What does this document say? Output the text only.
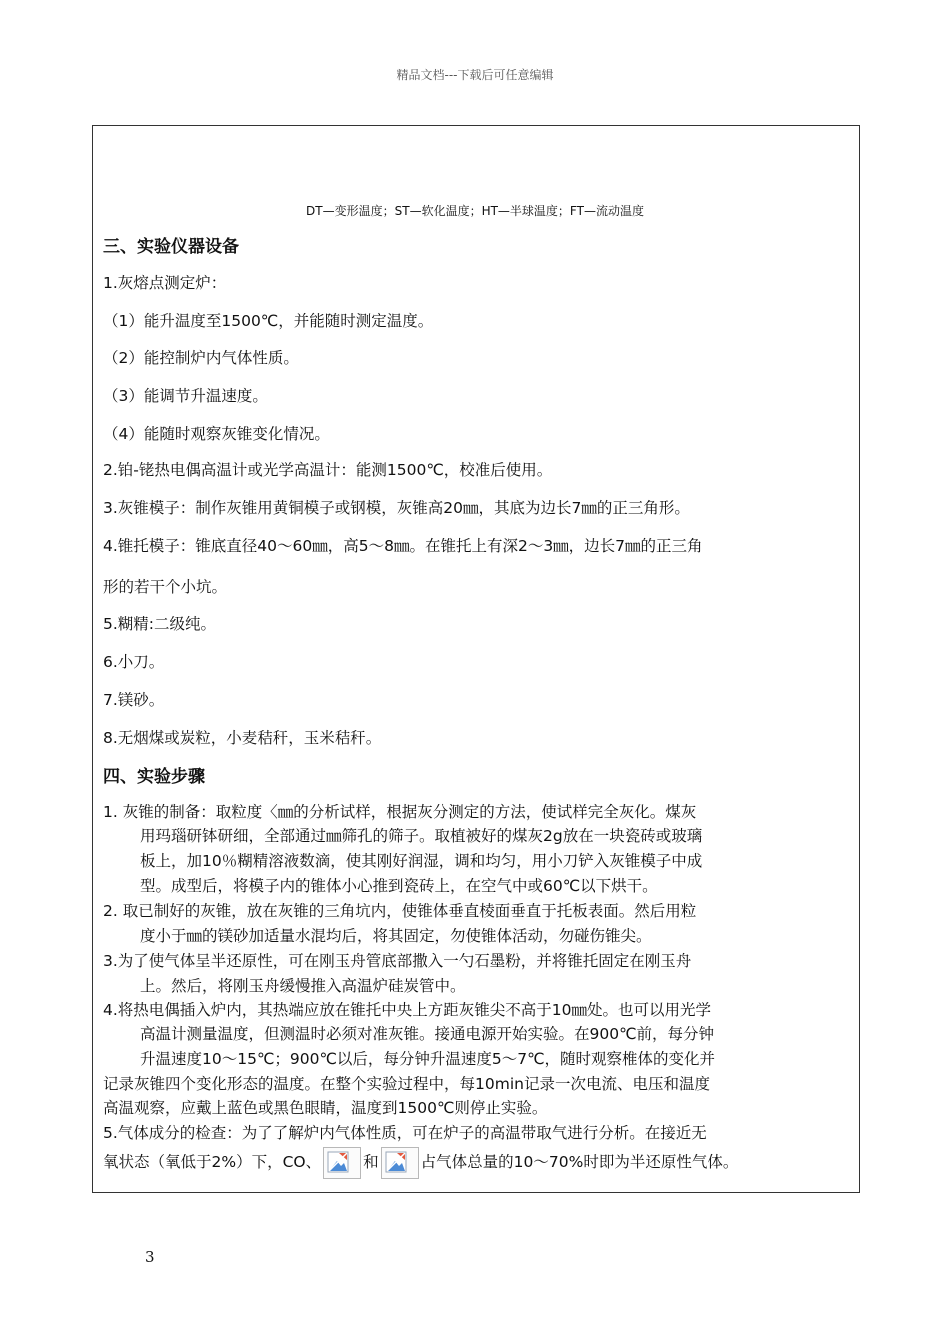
精品文档---下载后可任意编辑
DT—变形温度；ST—软化温度；HT—半球温度；FT—流动温度
三、实验仪器设备
1.灰熔点测定炉：
（1）能升温度至1500℃，并能随时测定温度。
（2）能控制炉内气体性质。
（3）能调节升温速度。
（4）能随时观察灰锥变化情况。
2.铂-铑热电偶高温计或光学高温计：能测1500℃，校准后使用。
3.灰锥模子：制作灰锥用黄铜模子或钢模，灰锥高20㎜，其底为边长7㎜的正三角形。
4.锥托模子：锥底直径40～60㎜，高5～8㎜。在锥托上有深2～3㎜，边长7㎜的正三角
形的若干个小坑。
5.糊精:二级纯。
6.小刀。
7.镁砂。
8.无烟煤或炭粒，小麦秸秆，玉米秸秆。
四、实验步骤
1. 灰锥的制备：取粒度〈㎜的分析试样，根据灰分测定的方法，使试样完全灰化。煤灰
用玛瑙研钵研细，全部通过㎜筛孔的筛子。取植被好的煤灰2g放在一块瓷砖或玻璃
板上，加10％糊精溶液数滴，使其刚好润湿，调和均匀，用小刀铲入灰锥模子中成
型。成型后，将模子内的锥体小心推到瓷砖上，在空气中或60℃以下烘干。
2. 取已制好的灰锥，放在灰锥的三角坑内，使锥体垂直棱面垂直于托板表面。然后用粒
度小于㎜的镁砂加适量水混均后，将其固定，勿使锥体活动，勿碰伤锥尖。
3.为了使气体呈半还原性，可在刚玉舟管底部撒入一勺石墨粉，并将锥托固定在刚玉舟
上。然后，将刚玉舟缓慢推入高温炉硅炭管中。
4.将热电偶插入炉内，其热端应放在锥托中央上方距灰锥尖不高于10㎜处。也可以用光学
高温计测量温度，但测温时必须对准灰锥。接通电源开始实验。在900℃前，每分钟
升温速度10～15℃；900℃以后，每分钟升温速度5～7℃，随时观察椎体的变化并
记录灰锥四个变化形态的温度。在整个实验过程中，每10min记录一次电流、电压和温度
高温观察，应戴上蓝色或黑色眼睛，温度到1500℃则停止实验。
5.气体成分的检查：为了了解炉内气体性质，可在炉子的高温带取气进行分析。在接近无
氧状态（氧低于2%）下，CO、	和	占气体总量的10～70%时即为半还原性气体。
3
